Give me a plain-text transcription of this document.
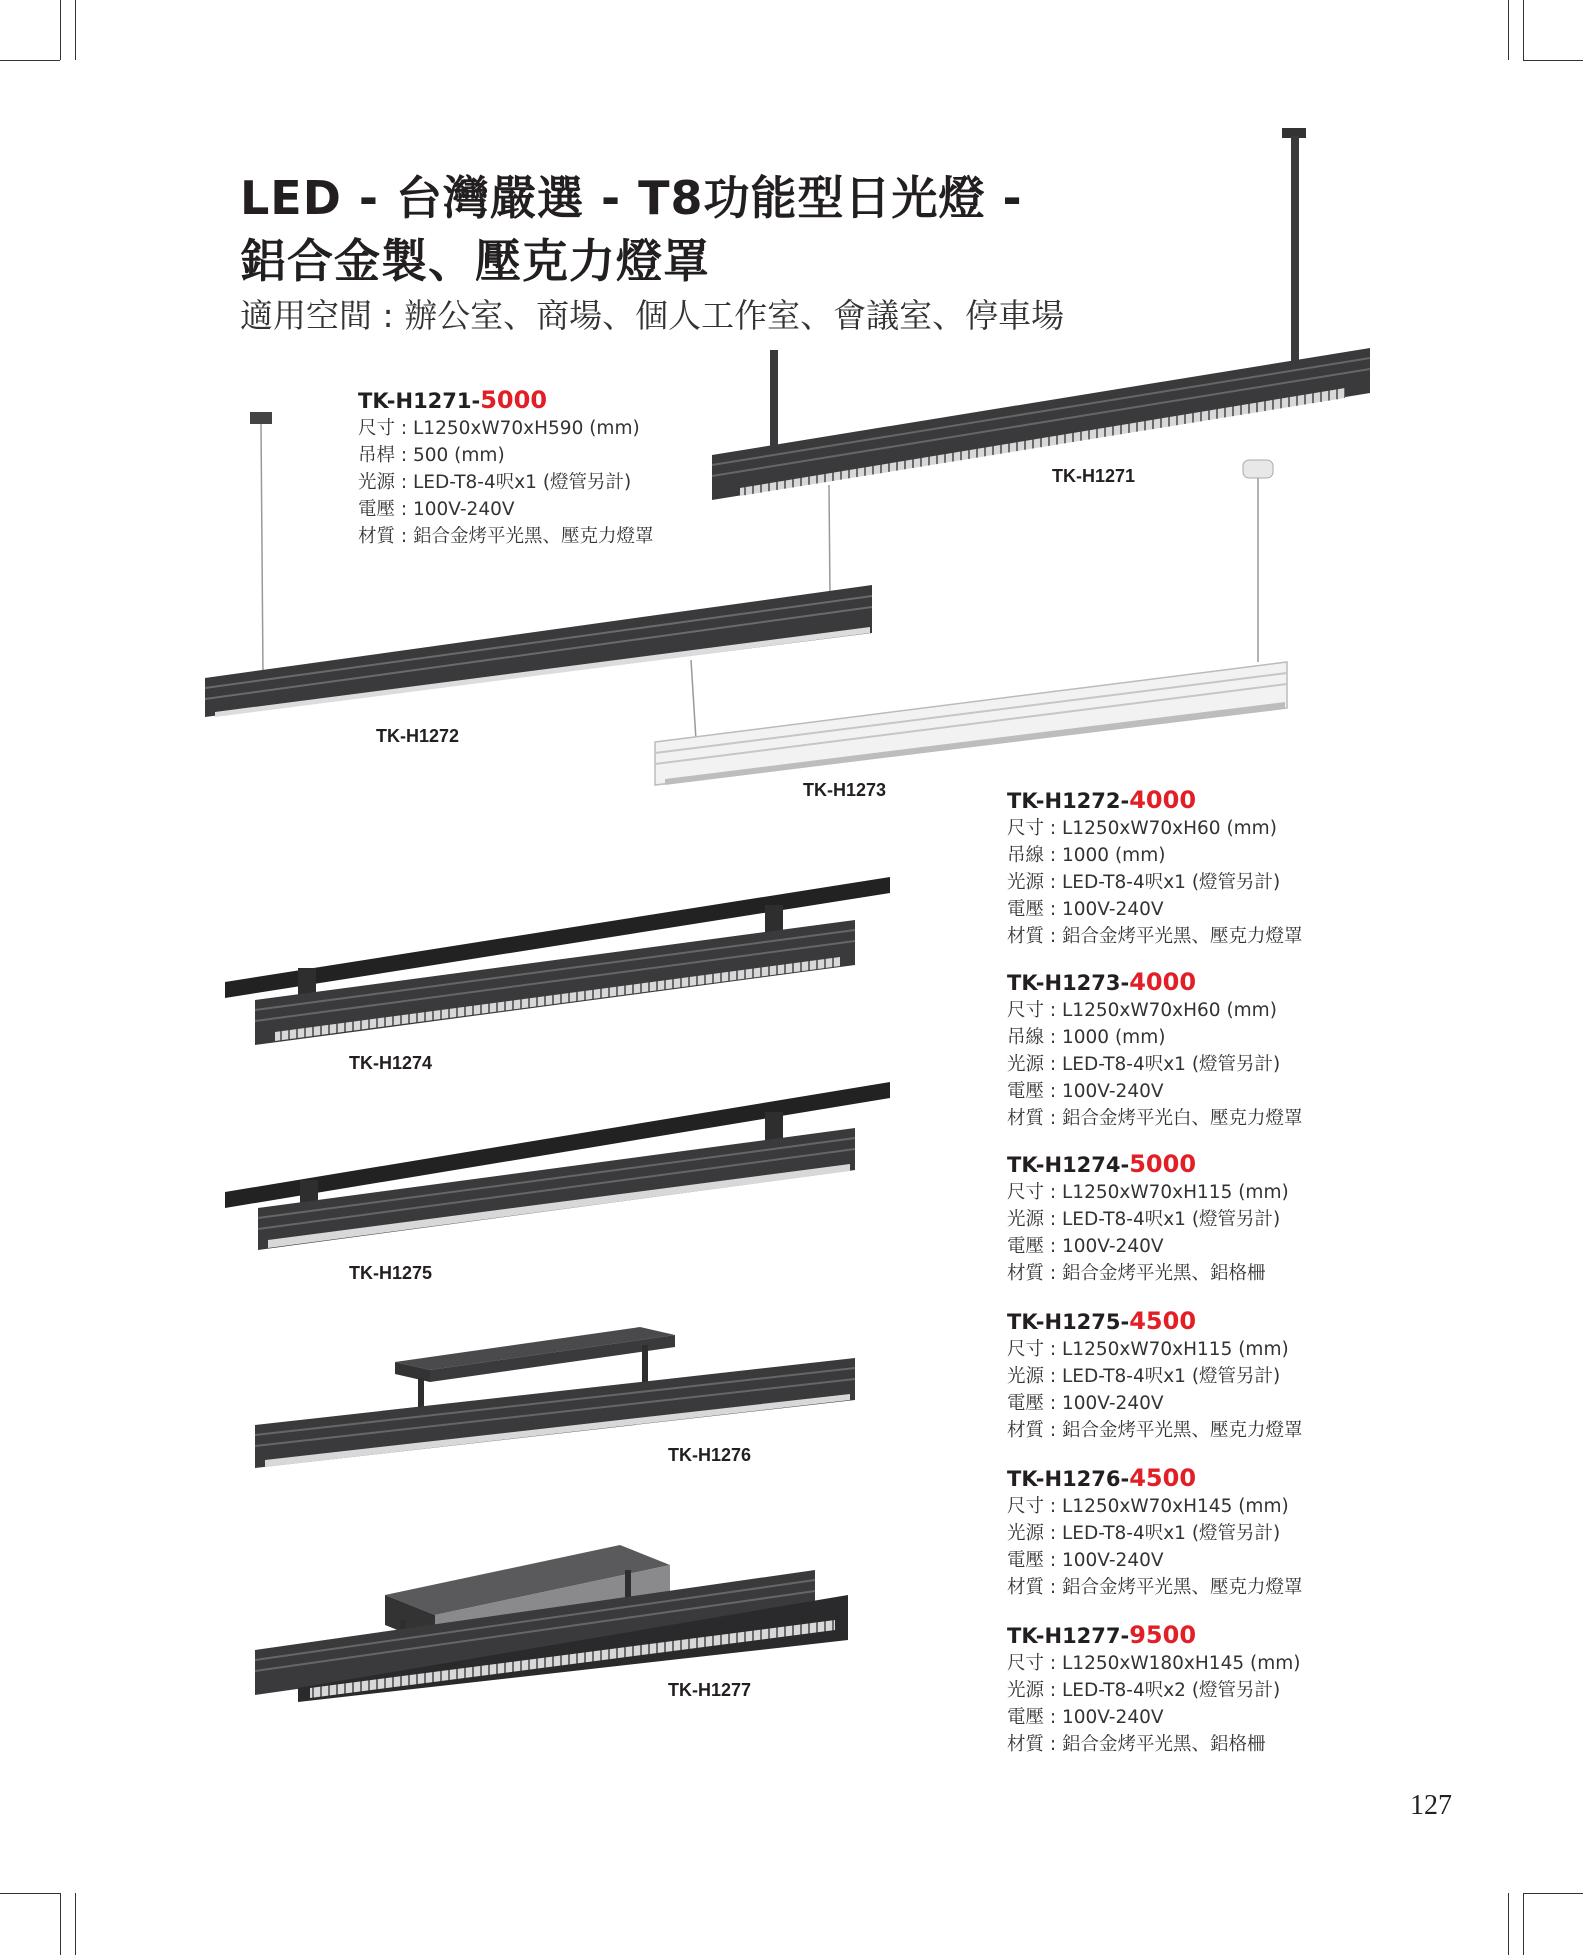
LED - 台灣嚴選 - T8功能型日光燈 -
鋁合金製、壓克力燈罩
適用空間 : 辦公室、商場、個人工作室、會議室、停車場
TK-H1271-5000
尺寸 : L1250xW70xH590 (mm)
吊桿 : 500 (mm)
光源 : LED-T8-4呎x1 (燈管另計)
電壓 : 100V-240V
材質 : 鋁合金烤平光黑、壓克力燈罩
TK-H1272-4000
尺寸 : L1250xW70xH60 (mm)
吊線 : 1000 (mm)
光源 : LED-T8-4呎x1 (燈管另計)
電壓 : 100V-240V
材質 : 鋁合金烤平光黑、壓克力燈罩
TK-H1273-4000
尺寸 : L1250xW70xH60 (mm)
吊線 : 1000 (mm)
光源 : LED-T8-4呎x1 (燈管另計)
電壓 : 100V-240V
材質 : 鋁合金烤平光白、壓克力燈罩
TK-H1274-5000
尺寸 : L1250xW70xH115 (mm)
光源 : LED-T8-4呎x1 (燈管另計)
電壓 : 100V-240V
材質 : 鋁合金烤平光黑、鋁格柵
TK-H1275-4500
尺寸 : L1250xW70xH115 (mm)
光源 : LED-T8-4呎x1 (燈管另計)
電壓 : 100V-240V
材質 : 鋁合金烤平光黑、壓克力燈罩
TK-H1276-4500
尺寸 : L1250xW70xH145 (mm)
光源 : LED-T8-4呎x1 (燈管另計)
電壓 : 100V-240V
材質 : 鋁合金烤平光黑、壓克力燈罩
TK-H1277-9500
尺寸 : L1250xW180xH145 (mm)
光源 : LED-T8-4呎x2 (燈管另計)
電壓 : 100V-240V
材質 : 鋁合金烤平光黑、鋁格柵
TK-H1271
TK-H1272
TK-H1273
TK-H1274
TK-H1275
TK-H1276
TK-H1277
127
